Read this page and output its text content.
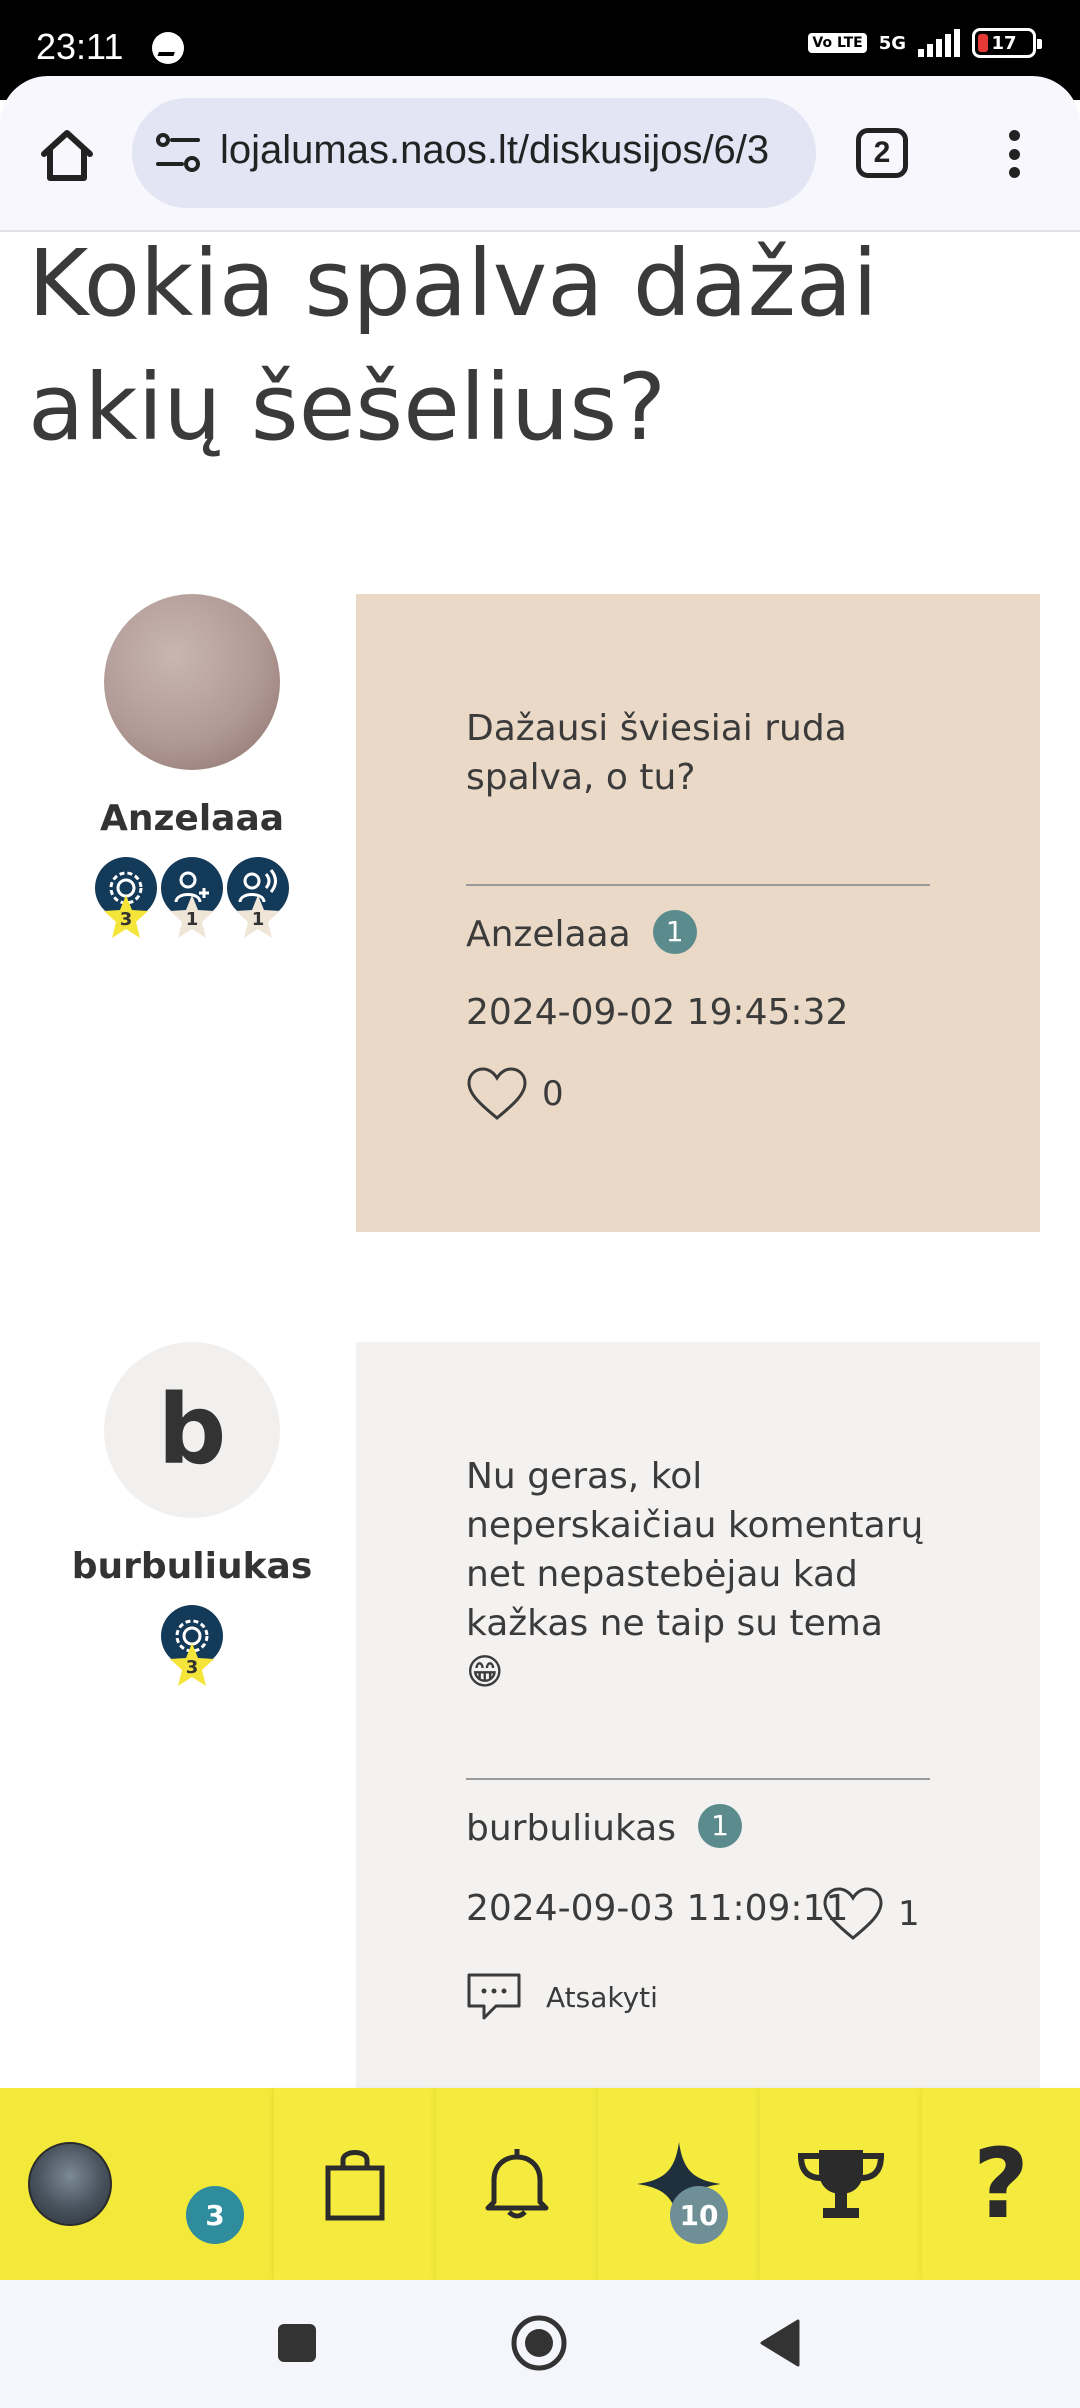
23:11	Vo LTE 5G	17
lojalumas.naos.lt/diskusijos/6/3	2
Kokia spalva dažai akių šešelius?
Anzelaaa
3	1	1
Dažausi šviesiai ruda spalva, o tu?
Anzelaaa 1
2024-09-02 19:45:32
0
b
burbuliukas
3
Nu geras, kol neperskaičiau komentarų net nepastebėjau kad kažkas ne taip su tema 😁
burbuliukas 1
2024-09-03 11:09:11 1
Atsakyti
3	10	?
